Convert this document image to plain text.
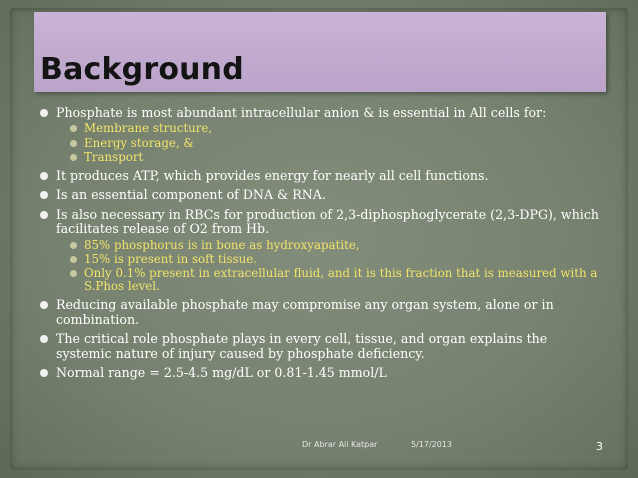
Background
Phosphate is most abundant intracellular anion & is essential in All cells for:
Membrane structure,
Energy storage, &
Transport
It produces ATP, which provides energy for nearly all cell functions.
Is an essential component of DNA & RNA.
Is also necessary in RBCs for production of 2,3-diphosphoglycerate (2,3-DPG), which facilitates release of O2 from Hb.
85% phosphorus is in bone as hydroxyapatite,
15% is present in soft tissue.
Only 0.1% present in extracellular fluid, and it is this fraction that is measured with a S.Phos level.
Reducing available phosphate may compromise any organ system, alone or in combination.
The critical role phosphate plays in every cell, tissue, and organ explains the systemic nature of injury caused by phosphate deficiency.
Normal range = 2.5-4.5 mg/dL or 0.81-1.45 mmol/L
Dr Abrar Ali Katpar	5/17/2013	3
